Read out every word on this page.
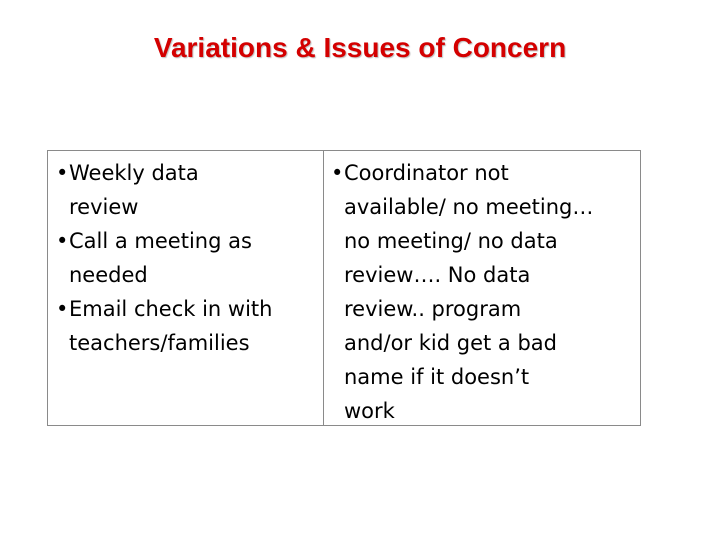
Variations & Issues of Concern
• Weekly data
review
• Call a meeting as
needed
• Email check in with
teachers/families
• Coordinator not
available/ no meeting…
no meeting/ no data
review…. No data
review.. program
and/or kid get a bad
name if it doesn’t
work
